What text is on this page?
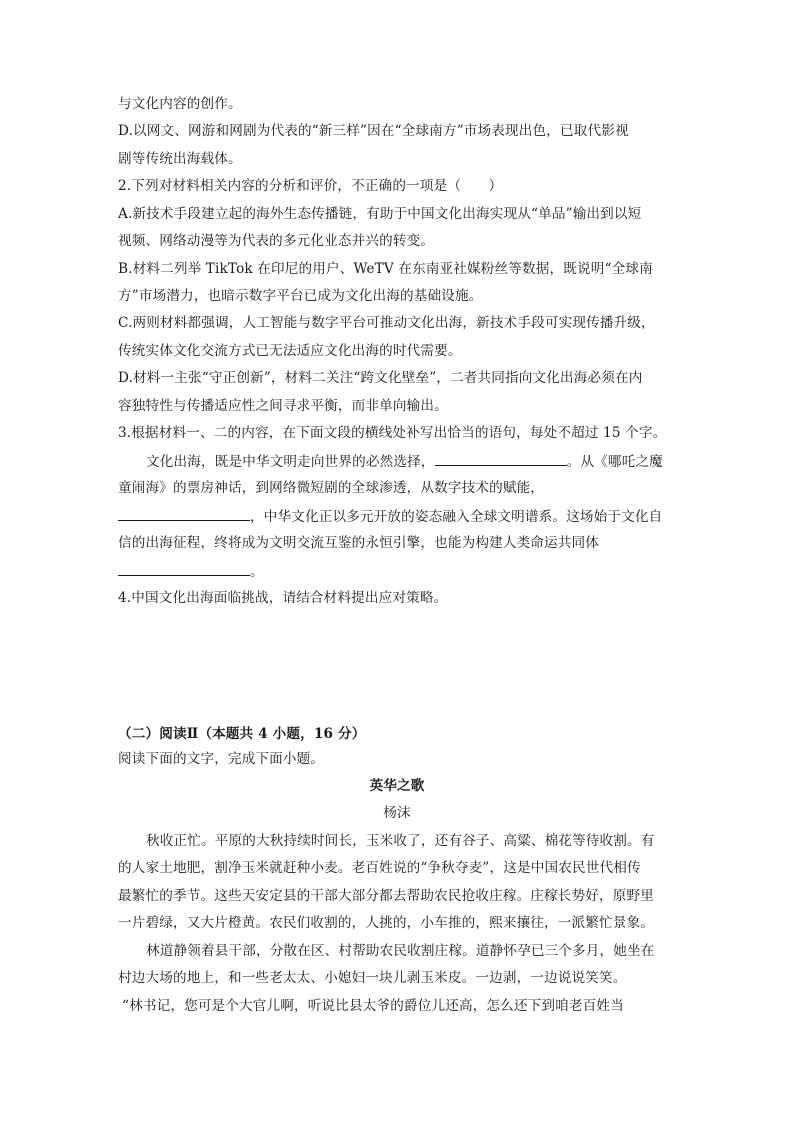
与文化内容的创作。
D.以网文、网游和网剧为代表的“新三样”因在“全球南方”市场表现出色，已取代影视
剧等传统出海载体。
2.下列对材料相关内容的分析和评价，不正确的一项是（　　）
A.新技术手段建立起的海外生态传播链，有助于中国文化出海实现从“单品”输出到以短
视频、网络动漫等为代表的多元化业态并兴的转变。
B.材料二列举 TikTok 在印尼的用户、WeTV 在东南亚社媒粉丝等数据，既说明“全球南
方”市场潜力，也暗示数字平台已成为文化出海的基础设施。
C.两则材料都强调，人工智能与数字平台可推动文化出海，新技术手段可实现传播升级，
传统实体文化交流方式已无法适应文化出海的时代需要。
D.材料一主张“守正创新”，材料二关注“跨文化壁垒”，二者共同指向文化出海必须在内
容独特性与传播适应性之间寻求平衡，而非单向输出。
3.根据材料一、二的内容，在下面文段的横线处补写出恰当的语句，每处不超过 15 个字。
文化出海，既是中华文明走向世界的必然选择，	。从《哪吒之魔
童闹海》的票房神话，到网络微短剧的全球渗透，从数字技术的赋能，
，中华文化正以多元开放的姿态融入全球文明谱系。这场始于文化自
信的出海征程，终将成为文明交流互鉴的永恒引擎，也能为构建人类命运共同体
。
4.中国文化出海面临挑战，请结合材料提出应对策略。
（二）阅读Ⅱ（本题共 4 小题，16 分）
阅读下面的文字，完成下面小题。
英华之歌
杨沫
秋收正忙。平原的大秋持续时间长，玉米收了，还有谷子、高粱、棉花等待收割。有
的人家土地肥，割净玉米就赶种小麦。老百姓说的“争秋夺麦”，这是中国农民世代相传
最繁忙的季节。这些天安定县的干部大部分都去帮助农民抢收庄稼。庄稼长势好，原野里
一片碧绿，又大片橙黄。农民们收割的，人挑的，小车推的，熙来攘往，一派繁忙景象。
林道静领着县干部，分散在区、村帮助农民收割庄稼。道静怀孕已三个多月，她坐在
村边大场的地上，和一些老太太、小媳妇一块儿剥玉米皮。一边剥，一边说说笑笑。
“林书记，您可是个大官儿啊，听说比县太爷的爵位儿还高，怎么还下到咱老百姓当
